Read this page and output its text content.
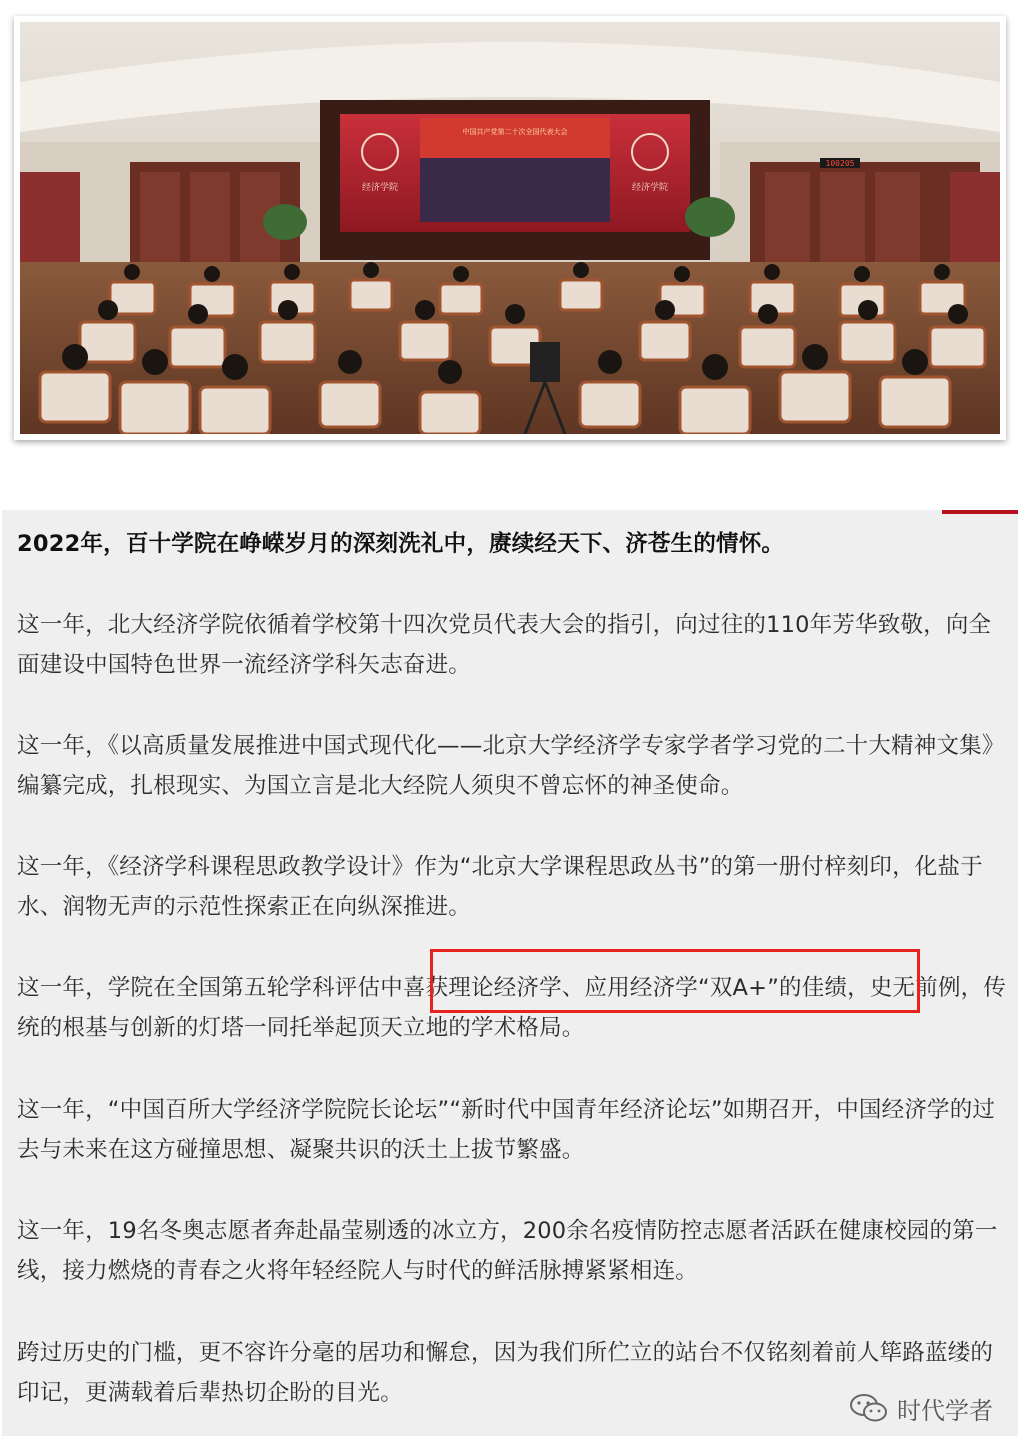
100205
中国共产党第二十次全国代表大会
经济学院	经济学院

2022年，百十学院在峥嵘岁月的深刻洗礼中，赓续经天下、济苍生的情怀。

这一年，北大经济学院依循着学校第十四次党员代表大会的指引，向过往的110年芳华致敬，向全面建设中国特色世界一流经济学科矢志奋进。

这一年，《以高质量发展推进中国式现代化——北京大学经济学专家学者学习党的二十大精神文集》编纂完成，扎根现实、为国立言是北大经院人须臾不曾忘怀的神圣使命。

这一年，《经济学科课程思政教学设计》作为“北京大学课程思政丛书”的第一册付梓刻印，化盐于水、润物无声的示范性探索正在向纵深推进。

这一年，学院在全国第五轮学科评估中喜获理论经济学、应用经济学“双A+”的佳绩，史无前例，传统的根基与创新的灯塔一同托举起顶天立地的学术格局。

这一年，“中国百所大学经济学院院长论坛”“新时代中国青年经济论坛”如期召开，中国经济学的过去与未来在这方碰撞思想、凝聚共识的沃土上拔节繁盛。

这一年，19名冬奥志愿者奔赴晶莹剔透的冰立方，200余名疫情防控志愿者活跃在健康校园的第一线，接力燃烧的青春之火将年轻经院人与时代的鲜活脉搏紧紧相连。

跨过历史的门槛，更不容许分毫的居功和懈怠，因为我们所伫立的站台不仅铭刻着前人筚路蓝缕的印记，更满载着后辈热切企盼的目光。

时代学者
